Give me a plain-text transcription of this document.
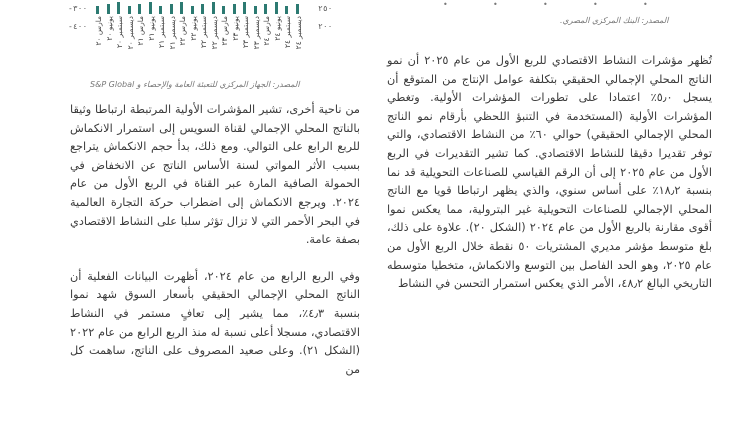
-٣٠٠
-٤٠٠
٢٥٠
٢٠٠
مارس ٢٠ يونيو ٢٠
سبتمبر ٢٠
ديسمبر ٢٠
مارس ٢١ يونيو ٢١
سبتمبر ٢١
ديسمبر ٢١
مارس ٢٢ يونيو ٢٢
سبتمبر ٢٢
ديسمبر ٢٢
مارس ٢٣ يونيو ٢٣
سبتمبر ٢٣
ديسمبر ٢٣
مارس ٢٤ يونيو ٢٤
سبتمبر ٢٤
ديسمبر ٢٤
المصدر: الجهاز المركزي للتعبئة العامة والإحصاء و S&P Global
•	•	•	•	•
المصدر: البنك المركزي المصري.

تُظهر مؤشرات النشاط الاقتصادي للربع الأول من عام ٢٠٢٥ أن نمو الناتج المحلي الإجمالي الحقيقي بتكلفة عوامل الإنتاج من المتوقع أن يسجل ٥٫٠٪ اعتمادا على تطورات المؤشرات الأولية. وتغطي المؤشرات الأولية (المستخدمة في التنبؤ اللحظي بأرقام نمو الناتج المحلي الإجمالي الحقيقي) حوالي ٦٠٪ من النشاط الاقتصادي، والتي توفر تقديرا دقيقا للنشاط الاقتصادي. كما تشير التقديرات في الربع الأول من عام ٢٠٢٥ إلى أن الرقم القياسي للصناعات التحويلية قد نما بنسبة ١٨٫٢٪ على أساس سنوي، والذي يظهر ارتباطا قويا مع الناتج المحلي الإجمالي للصناعات التحويلية غير البترولية، مما يعكس نموا أقوى مقارنة بالربع الأول من عام ٢٠٢٤ (الشكل ٢٠). علاوة على ذلك، بلغ متوسط مؤشر مديري المشتريات ٥٠ نقطة خلال الربع الأول من عام ٢٠٢٥، وهو الحد الفاصل بين التوسع والانكماش، متخطيا متوسطه التاريخي البالغ ٤٨٫٢، الأمر الذي يعكس استمرار التحسن في النشاط

من ناحية أخرى، تشير المؤشرات الأولية المرتبطة ارتباطا وثيقا بالناتج المحلي الإجمالي لقناة السويس إلى استمرار الانكماش للربع الرابع على التوالي. ومع ذلك، بدأ حجم الانكماش يتراجع بسبب الأثر المواتي لسنة الأساس الناتج عن الانخفاض في الحمولة الصافية المارة عبر القناة في الربع الأول من عام ٢٠٢٤. ويرجع الانكماش إلى اضطراب حركة التجارة العالمية في البحر الأحمر التي لا تزال تؤثر سلبا على النشاط الاقتصادي بصفة عامة.

وفي الربع الرابع من عام ٢٠٢٤، أظهرت البيانات الفعلية أن الناتج المحلي الإجمالي الحقيقي بأسعار السوق شهد نموا بنسبة ٤٫٣٪، مما يشير إلى تعافٍ مستمر في النشاط الاقتصادي، مسجلا أعلى نسبة له منذ الربع الرابع من عام ٢٠٢٢ (الشكل ٢١). وعلى صعيد المصروف على الناتج، ساهمت كل من
